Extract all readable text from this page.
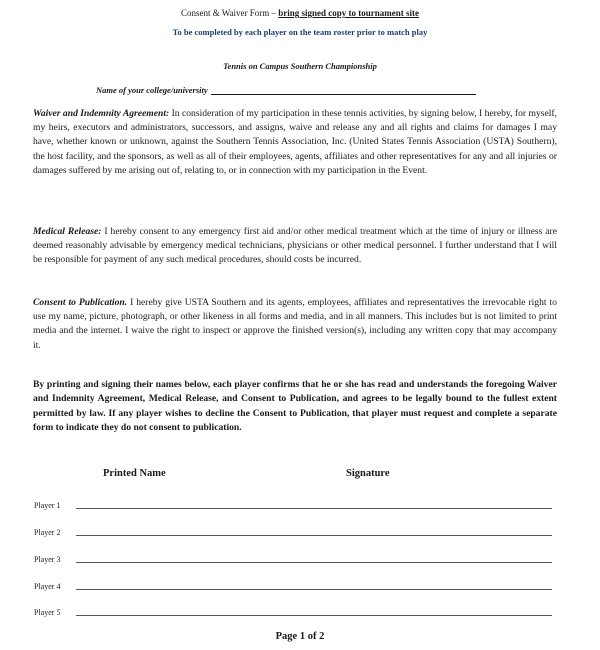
Consent & Waiver Form – bring signed copy to tournament site
To be completed by each player on the team roster prior to match play
Tennis on Campus Southern Championship
Name of your college/university
Waiver and Indemnity Agreement: In consideration of my participation in these tennis activities, by signing below, I hereby, for myself, my heirs, executors and administrators, successors, and assigns, waive and release any and all rights and claims for damages I may have, whether known or unknown, against the Southern Tennis Association, Inc. (United States Tennis Association (USTA) Southern), the host facility, and the sponsors, as well as all of their employees, agents, affiliates and other representatives for any and all injuries or damages suffered by me arising out of, relating to, or in connection with my participation in the Event.
Medical Release: I hereby consent to any emergency first aid and/or other medical treatment which at the time of injury or illness are deemed reasonably advisable by emergency medical technicians, physicians or other medical personnel. I further understand that I will be responsible for payment of any such medical procedures, should costs be incurred.
Consent to Publication. I hereby give USTA Southern and its agents, employees, affiliates and representatives the irrevocable right to use my name, picture, photograph, or other likeness in all forms and media, and in all manners. This includes but is not limited to print media and the internet. I waive the right to inspect or approve the finished version(s), including any written copy that may accompany it.
By printing and signing their names below, each player confirms that he or she has read and understands the foregoing Waiver and Indemnity Agreement, Medical Release, and Consent to Publication, and agrees to be legally bound to the fullest extent permitted by law. If any player wishes to decline the Consent to Publication, that player must request and complete a separate form to indicate they do not consent to publication.
Printed Name	Signature
Player 1
Player 2
Player 3
Player 4
Player 5
Page 1 of 2
